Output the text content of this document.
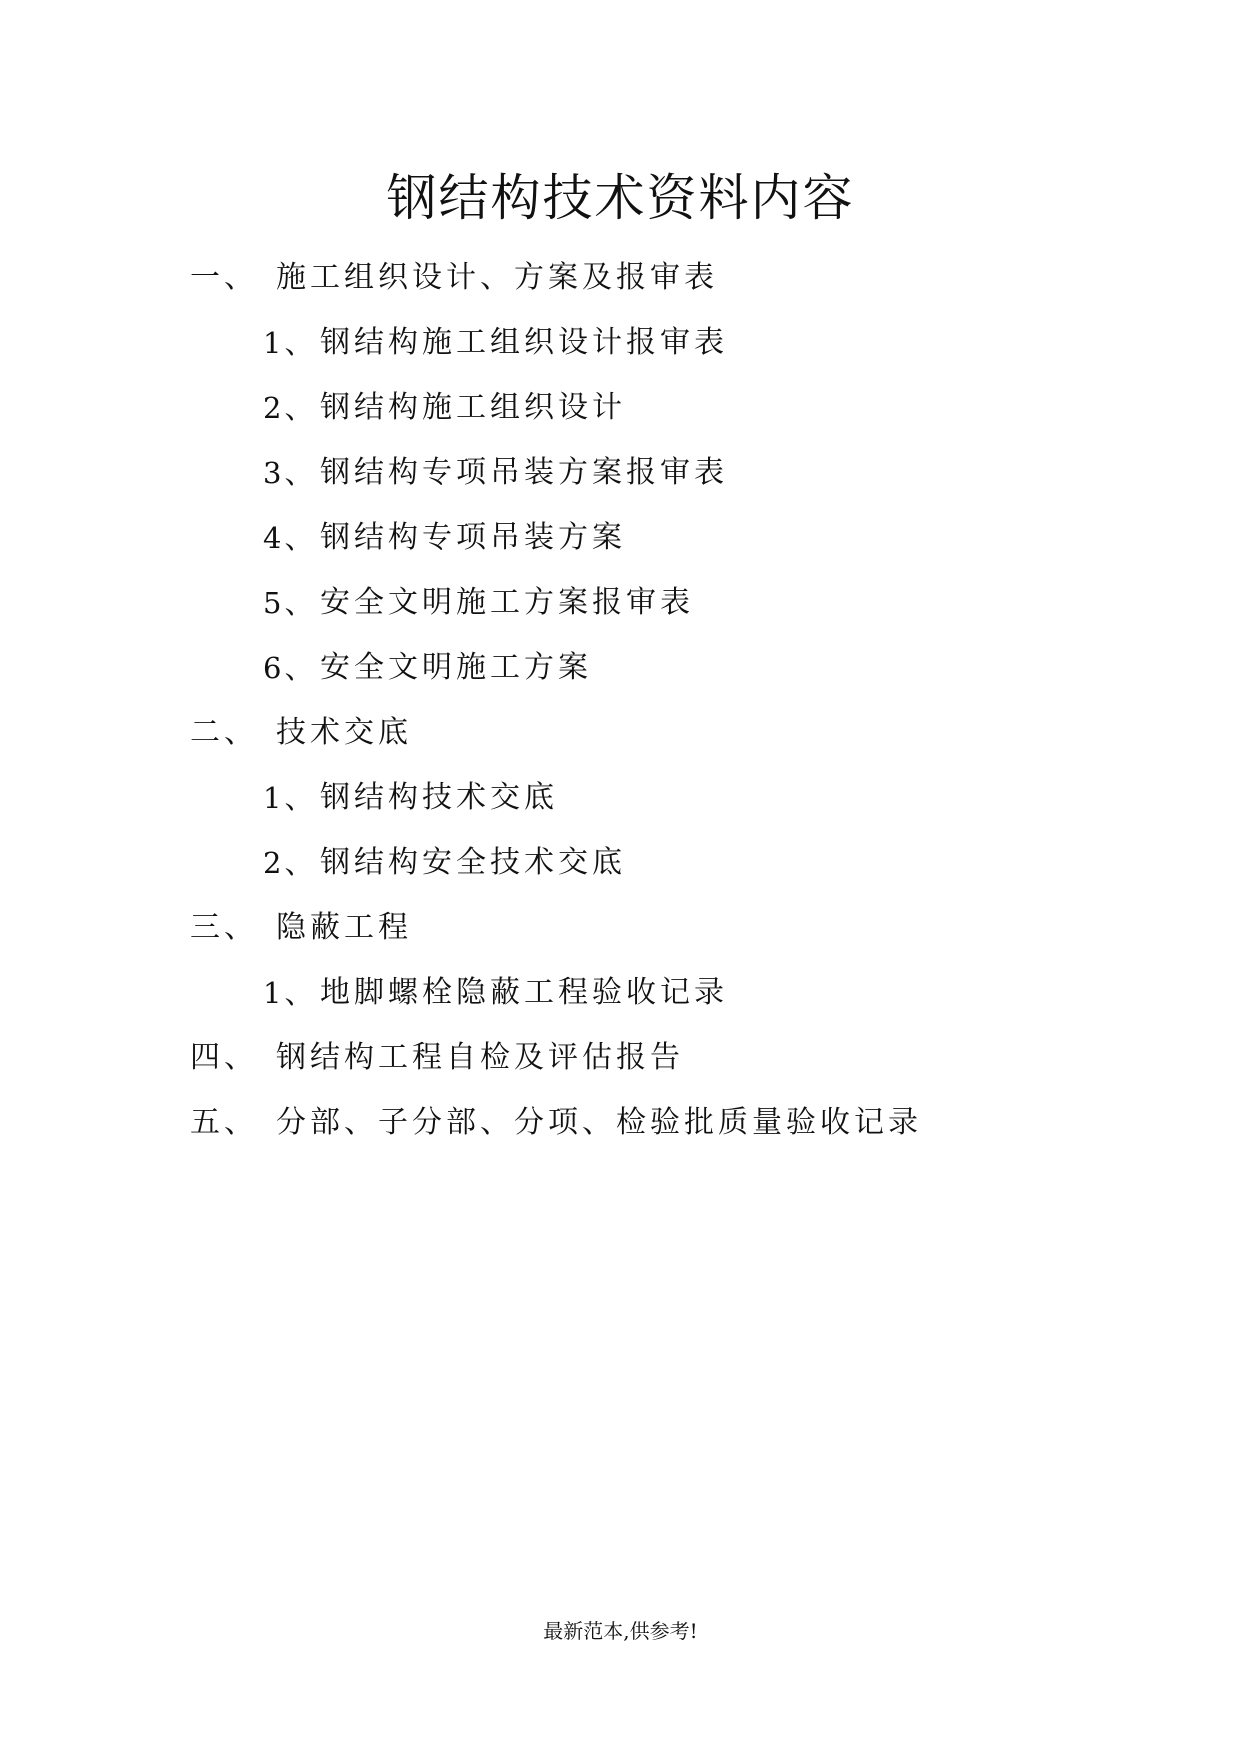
钢结构技术资料内容
一、 施工组织设计、方案及报审表
1、 钢结构施工组织设计报审表
2、 钢结构施工组织设计
3、 钢结构专项吊装方案报审表
4、 钢结构专项吊装方案
5、 安全文明施工方案报审表
6、 安全文明施工方案
二、 技术交底
1、 钢结构技术交底
2、 钢结构安全技术交底
三、 隐蔽工程
1、 地脚螺栓隐蔽工程验收记录
四、 钢结构工程自检及评估报告
五、 分部、子分部、分项、检验批质量验收记录
最新范本,供参考!
